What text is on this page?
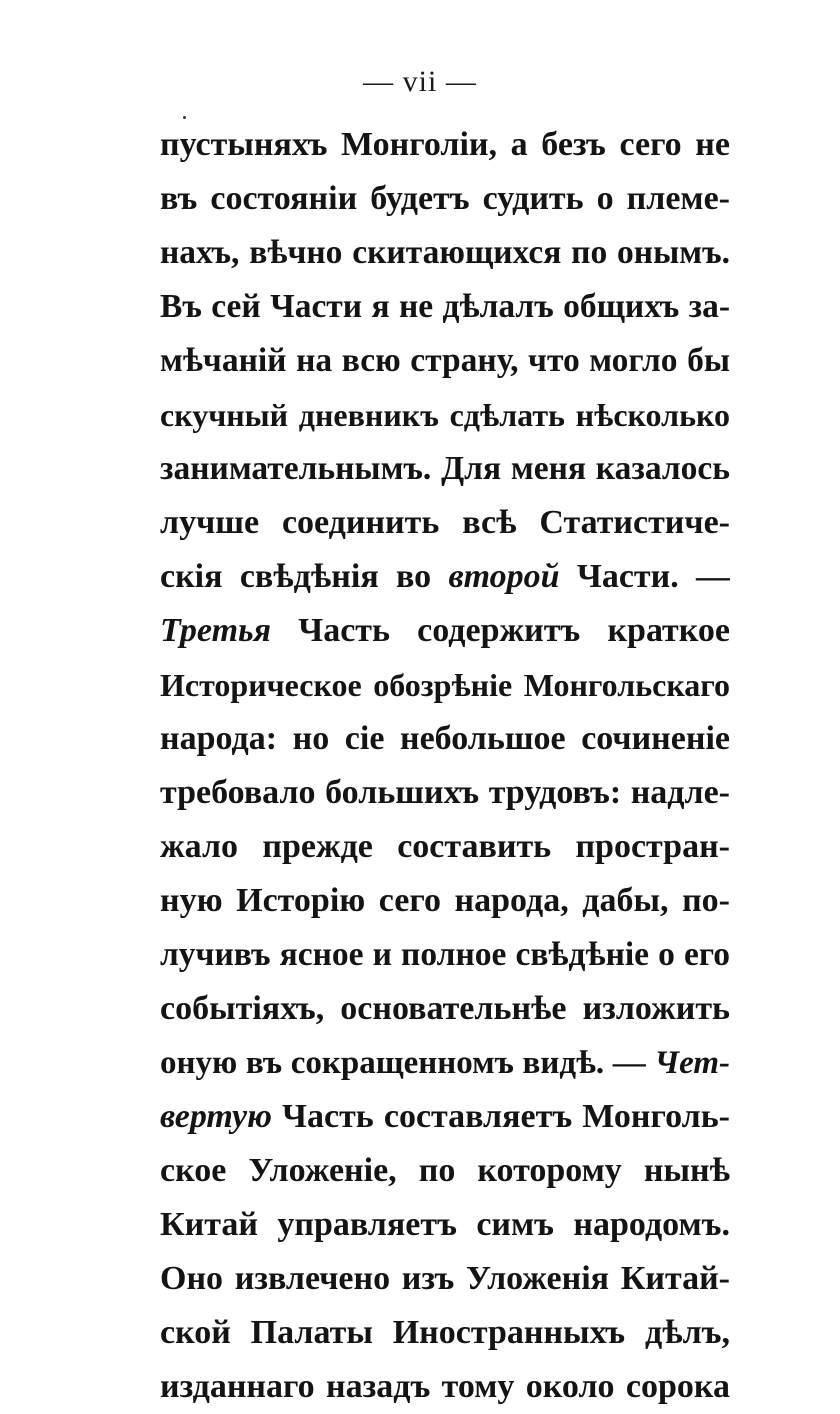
— vii —
пустыняхъ Монголіи, а безъ сего не
въ состояніи будетъ судить о племе-
нахъ, вѣчно скитающихся по онымъ.
Въ сей Части я не дѣлалъ общихъ за-
мѣчаній на всю страну, что могло бы
скучный дневникъ сдѣлать нѣсколько
занимательнымъ. Для меня казалось
лучше соединить всѣ Статистиче-
скія свѣдѣнія во второй Части. —
Третья Часть содержитъ краткое
Историческое обозрѣніе Монгольскаго
народа: но сіе небольшое сочиненіе
требовало большихъ трудовъ: надле-
жало прежде составить простран-
ную Исторію сего народа, дабы, по-
лучивъ ясное и полное свѣдѣніе о его
событіяхъ, основательнѣе изложить
оную въ сокращенномъ видѣ. — Чет-
вертую Часть составляетъ Монголь-
ское Уложеніе, по которому нынѣ
Китай управляетъ симъ народомъ.
Оно извлечено изъ Уложенія Китай-
ской Палаты Иностранныхъ дѣлъ,
изданнаго назадъ тому около сорока
